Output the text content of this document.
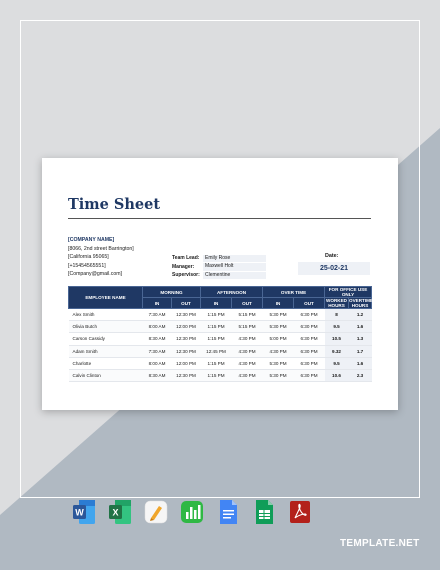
Time Sheet
[COMPANY NAME]
[8066, 2nd street Barrington]
[California 95065]
[+15454565551]
[Company@gmail.com]
Team Lead:	Emily Rose
Manager:	Maxwell Holt
Supervisor:	Clementine
Date:
25-02-21
EMPLOYEE NAME	MORNING		AFTERNOON		OVER TIME		FOR OFFICE USE ONLY	
	IN	OUT	IN	OUT	IN	OUT	WORKED HOURS	OVERTIME HOURS
Alex Smith	7:30 AM	12:30 PM	1:15 PM	5:15 PM	5:30 PM	6:30 PM	8	1.2
Olivia Butch	8:00 AM	12:00 PM	1:15 PM	5:15 PM	5:30 PM	6:30 PM	9.5	1.6
Carson Cassidy	8:30 AM	12:30 PM	1:15 PM	4:30 PM	5:00 PM	6:30 PM	10.5	1.3
Adam Smith	7:30 AM	12:30 PM	12:45 PM	4:30 PM	4:30 PM	6:30 PM	9.32	1.7
Charlotte	8:00 AM	12:00 PM	1:15 PM	4:30 PM	5:30 PM	6:30 PM	9.5	1.6
Calvin Clinton	8:30 AM	12:30 PM	1:15 PM	4:30 PM	5:30 PM	6:30 PM	10.6	2.3
W	X
TEMPLATE.NET
